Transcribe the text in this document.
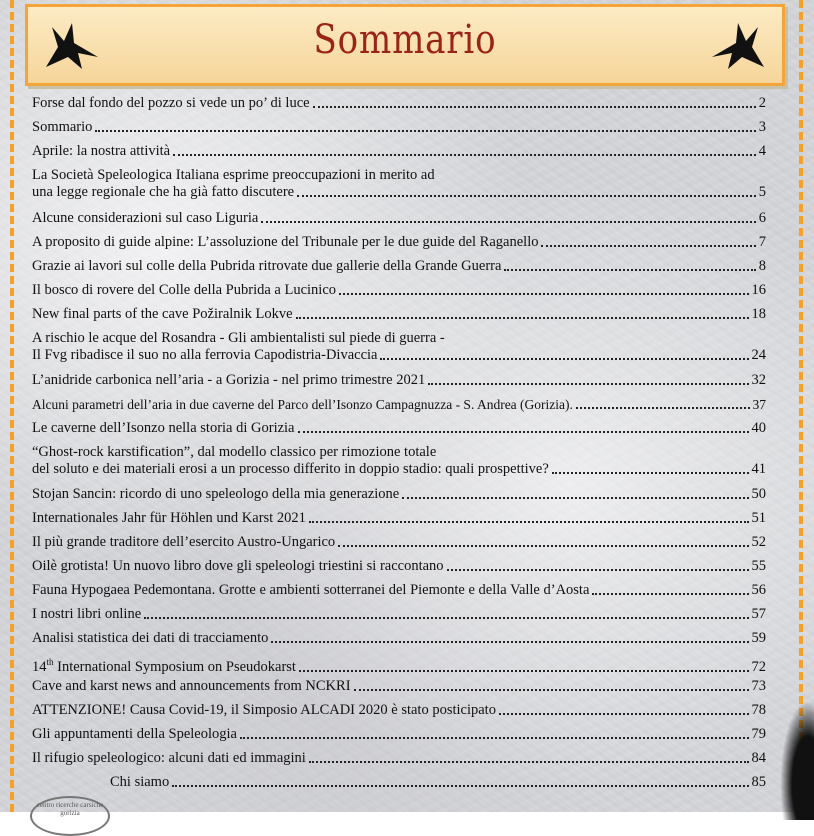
Sommario
Forse dal fondo del pozzo si vede un po’ di luce	2
Sommario	3
Aprile: la nostra attività	4
La Società Speleologica Italiana esprime preoccupazioni in merito ad
una legge regionale che ha già fatto discutere	5
Alcune considerazioni sul caso Liguria	6
A proposito di guide alpine: L’assoluzione del Tribunale per le due guide del Raganello	7
Grazie ai lavori sul colle della Pubrida ritrovate due gallerie della Grande Guerra	8
Il bosco di rovere del Colle della Pubrida a Lucinico	16
New final parts of the cave Požiralnik Lokve	18
A rischio le acque del Rosandra - Gli ambientalisti sul piede di guerra -
Il Fvg ribadisce il suo no alla ferrovia Capodistria-Divaccia	24
L’anidride carbonica nell’aria - a Gorizia - nel primo trimestre 2021	32
Alcuni parametri dell’aria in due caverne del Parco dell’Isonzo Campagnuzza - S. Andrea (Gorizia).	37
Le caverne dell’Isonzo nella storia di Gorizia	40
“Ghost-rock karstification”, dal modello classico per rimozione totale
del soluto e dei materiali erosi a un processo differito in doppio stadio: quali prospettive?	41
Stojan Sancin: ricordo di uno speleologo della mia generazione	50
Internationales Jahr für Höhlen und Karst 2021	51
Il più grande traditore dell’esercito Austro-Ungarico	52
Oilè grotista! Un nuovo libro dove gli speleologi triestini si raccontano	55
Fauna Hypogaea Pedemontana. Grotte e ambienti sotterranei del Piemonte e della Valle d’Aosta	56
I nostri libri online	57
Analisi statistica dei dati di tracciamento	59
14th International Symposium on Pseudokarst	72
Cave and karst news and announcements from NCKRI	73
ATTENZIONE! Causa Covid-19, il Simposio ALCADI 2020 è stato posticipato	78
Gli appuntamenti della Speleologia	79
Il rifugio speleologico: alcuni dati ed immagini	84
Chi siamo	85
centro ricerche carsiche gorizia
